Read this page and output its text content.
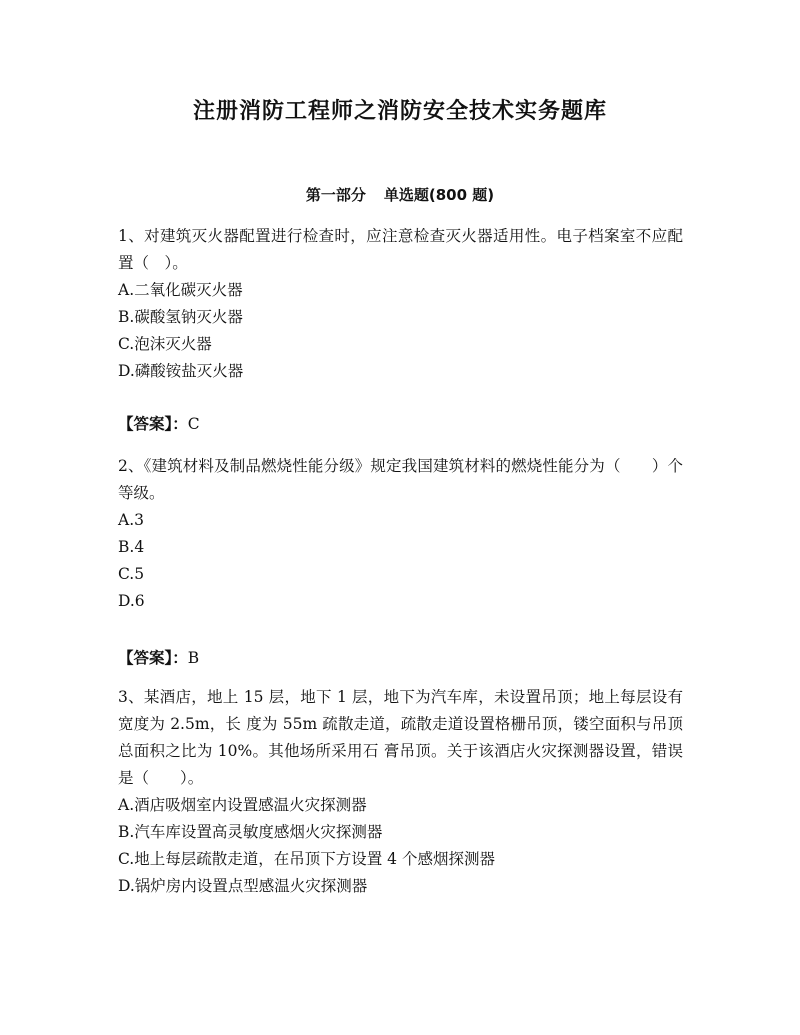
注册消防工程师之消防安全技术实务题库
第一部分 单选题(800 题)

1、对建筑灭火器配置进行检查时，应注意检查灭火器适用性。电子档案室不应配置（　）。

A.二氧化碳灭火器
B.碳酸氢钠灭火器
C.泡沫灭火器
D.磷酸铵盐灭火器
【答案】：C

2、《建筑材料及制品燃烧性能分级》规定我国建筑材料的燃烧性能分为（　　）个等级。

A.3
B.4
C.5
D.6
【答案】：B

3、某酒店，地上 15 层，地下 1 层，地下为汽车库，未设置吊顶；地上每层设有宽度为 2.5m，长 度为 55m 疏散走道，疏散走道设置格栅吊顶，镂空面积与吊顶总面积之比为 10%。其他场所采用石 膏吊顶。关于该酒店火灾探测器设置，错误是（　　）。

A.酒店吸烟室内设置感温火灾探测器
B.汽车库设置高灵敏度感烟火灾探测器
C.地上每层疏散走道，在吊顶下方设置 4 个感烟探测器
D.锅炉房内设置点型感温火灾探测器
